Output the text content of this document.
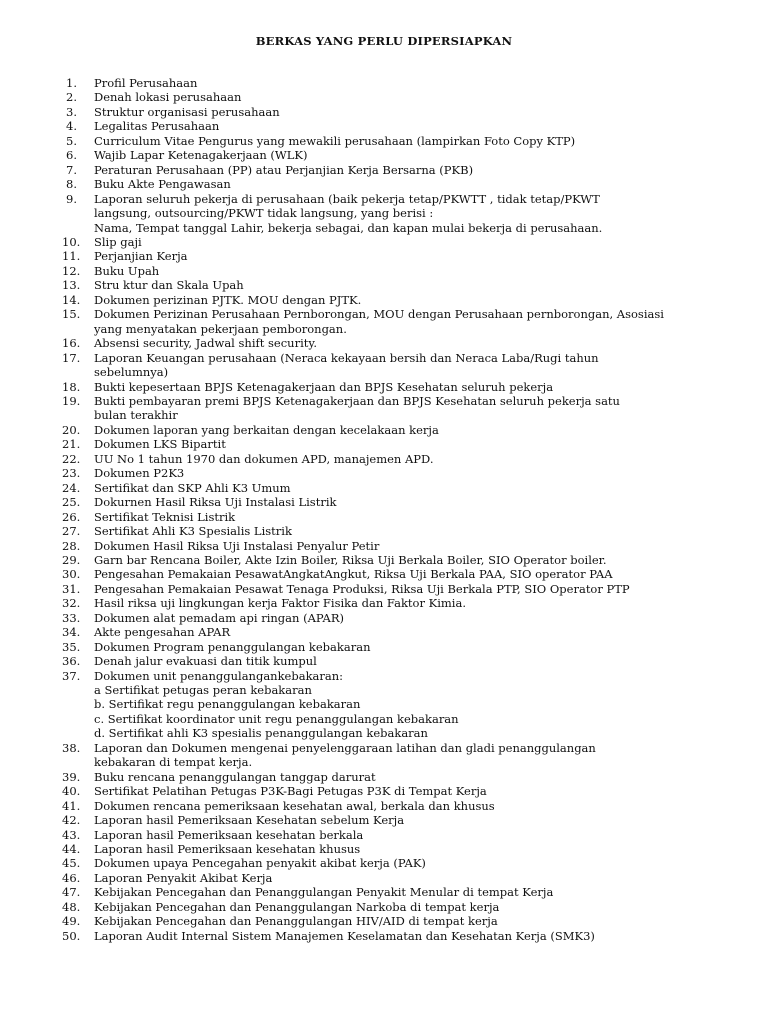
BERKAS YANG PERLU DIPERSIAPKAN
1.	Profil Perusahaan
2.	Denah lokasi perusahaan
3.	Struktur organisasi perusahaan
4.	Legalitas Perusahaan
5.	Curriculum Vitae Pengurus yang mewakili perusahaan (lampirkan Foto Copy KTP)
6.	Wajib Lapar Ketenagakerjaan (WLK)
7.	Peraturan Perusahaan (PP) atau Perjanjian Kerja Bersarna (PKB)
8.	Buku Akte Pengawasan
9.	Laporan seluruh pekerja di perusahaan (baik pekerja tetap/PKWTT , tidak tetap/PKWT
langsung, outsourcing/PKWT tidak langsung, yang berisi :
Nama, Tempat tanggal Lahir, bekerja sebagai, dan kapan mulai bekerja di perusahaan.
10.	Slip gaji
11.	Perjanjian Kerja
12.	Buku Upah
13.	Stru ktur dan Skala Upah
14.	Dokumen perizinan PJTK. MOU dengan PJTK.
15.	Dokumen Perizinan Perusahaan Pernborongan, MOU dengan Perusahaan pernborongan, Asosiasi
yang menyatakan pekerjaan pemborongan.
16.	Absensi security, Jadwal shift security.
17.	Laporan Keuangan perusahaan (Neraca kekayaan bersih dan Neraca Laba/Rugi tahun
sebelumnya)
18.	Bukti kepesertaan BPJS Ketenagakerjaan dan BPJS Kesehatan seluruh pekerja
19.	Bukti pembayaran premi BPJS Ketenagakerjaan dan BPJS Kesehatan seluruh pekerja satu
bulan terakhir
20.	Dokumen laporan yang berkaitan dengan kecelakaan kerja
21.	Dokumen LKS Bipartit
22.	UU No 1 tahun 1970 dan dokumen APD, manajemen APD.
23.	Dokumen P2K3
24.	Sertifikat dan SKP Ahli K3 Umum
25.	Dokurnen Hasil Riksa Uji Instalasi Listrik
26.	Sertifikat Teknisi Listrik
27.	Sertifikat Ahli K3 Spesialis Listrik
28.	Dokumen Hasil Riksa Uji Instalasi Penyalur Petir
29.	Garn bar Rencana Boiler, Akte Izin Boiler, Riksa Uji Berkala Boiler, SIO Operator boiler.
30.	Pengesahan Pemakaian PesawatAngkatAngkut, Riksa Uji Berkala PAA, SIO operator PAA
31.	Pengesahan Pemakaian Pesawat Tenaga Produksi, Riksa Uji Berkala PTP, SIO Operator PTP
32.	Hasil riksa uji lingkungan kerja Faktor Fisika dan Faktor Kimia.
33.	Dokumen alat pemadam api ringan (APAR)
34.	Akte pengesahan APAR
35.	Dokumen Program penanggulangan kebakaran
36.	Denah jalur evakuasi dan titik kumpul
37.	Dokumen unit penanggulangankebakaran:
a Sertifikat petugas peran kebakaran
b. Sertifikat regu penanggulangan kebakaran
c. Sertifikat koordinator unit regu penanggulangan kebakaran
d. Sertifikat ahli K3 spesialis penanggulangan kebakaran
38.	Laporan dan Dokumen mengenai penyelenggaraan latihan dan gladi penanggulangan
kebakaran di tempat kerja.
39.	Buku rencana penanggulangan tanggap darurat
40.	Sertifikat Pelatihan Petugas P3K-Bagi Petugas P3K di Tempat Kerja
41.	Dokumen rencana pemeriksaan kesehatan awal, berkala dan khusus
42.	Laporan hasil Pemeriksaan Kesehatan sebelum Kerja
43.	Laporan hasil Pemeriksaan kesehatan berkala
44.	Laporan hasil Pemeriksaan kesehatan khusus
45.	Dokumen upaya Pencegahan penyakit akibat kerja (PAK)
46.	Laporan Penyakit Akibat Kerja
47.	Kebijakan Pencegahan dan Penanggulangan Penyakit Menular di tempat Kerja
48.	Kebijakan Pencegahan dan Penanggulangan Narkoba di tempat kerja
49.	Kebijakan Pencegahan dan Penanggulangan HIV/AID di tempat kerja
50.	Laporan Audit Internal Sistem Manajemen Keselamatan dan Kesehatan Kerja (SMK3)
